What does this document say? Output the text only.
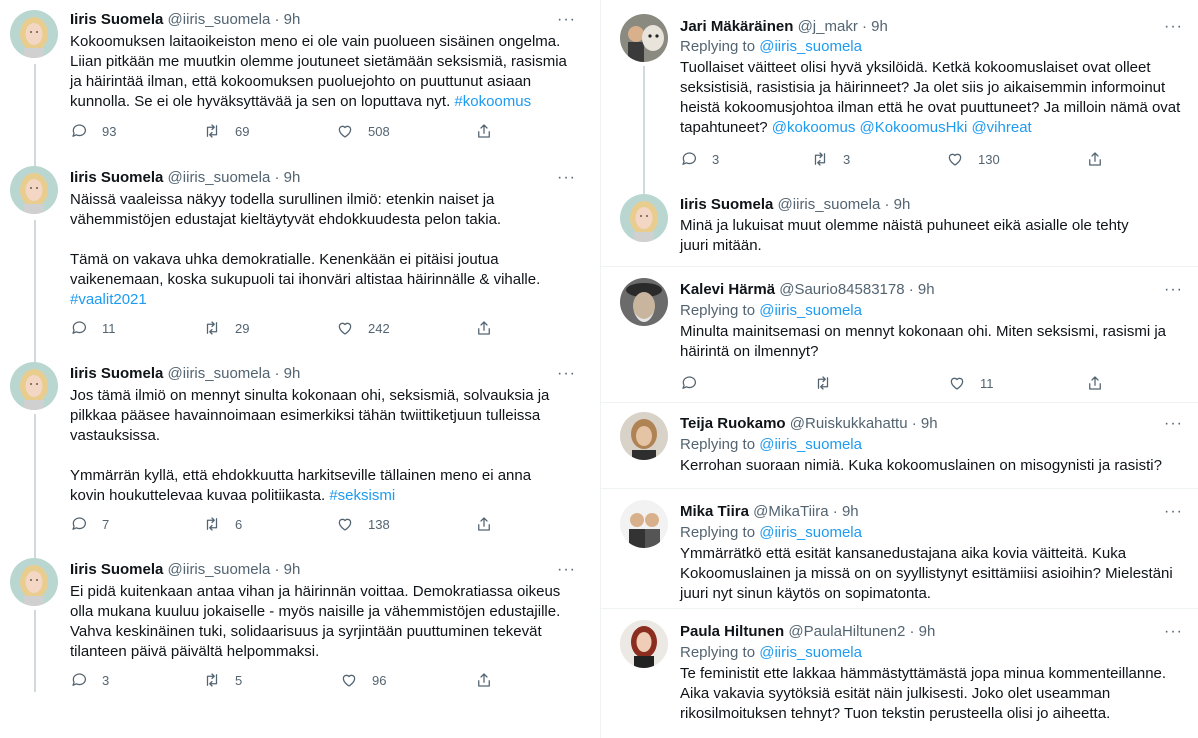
Iiris Suomela @iiris_suomela · 9h	···
Kokoomuksen laitaoikeiston meno ei ole vain puolueen sisäinen ongelma. Liian pitkään me muutkin olemme joutuneet sietämään seksismiä, rasismia ja häirintää ilman, että kokoomuksen puoluejohto on puuttunut asiaan kunnolla. Se ei ole hyväksyttävää ja sen on loputtava nyt. #kokoomus
93	69	508
Iiris Suomela @iiris_suomela · 9h	···
Näissä vaaleissa näkyy todella surullinen ilmiö: etenkin naiset ja vähemmistöjen edustajat kieltäytyvät ehdokkuudesta pelon takia.

Tämä on vakava uhka demokratialle. Kenenkään ei pitäisi joutua vaikenemaan, koska sukupuoli tai ihonväri altistaa häirinnälle & vihalle. #vaalit2021
11	29	242
Iiris Suomela @iiris_suomela · 9h	···
Jos tämä ilmiö on mennyt sinulta kokonaan ohi, seksismiä, solvauksia ja pilkkaa pääsee havainnoimaan esimerkiksi tähän twiittiketjuun tulleissa vastauksissa.

Ymmärrän kyllä, että ehdokkuutta harkitseville tällainen meno ei anna kovin houkuttelevaa kuvaa politiikasta. #seksismi
7	6	138
Iiris Suomela @iiris_suomela · 9h	···
Ei pidä kuitenkaan antaa vihan ja häirinnän voittaa. Demokratiassa oikeus olla mukana kuuluu jokaiselle - myös naisille ja vähemmistöjen edustajille. Vahva keskinäinen tuki, solidaarisuus ja syrjintään puuttuminen tekevät tilanteen päivä päivältä helpommaksi.
3	5	96
Jari Mäkäräinen @j_makr · 9h	···
Replying to @iiris_suomela
Tuollaiset väitteet olisi hyvä yksilöidä. Ketkä kokoomuslaiset ovat olleet seksistisiä, rasistisia ja häirinneet? Ja olet siis jo aikaisemmin informoinut heistä kokoomusjohtoa ilman että he ovat puuttuneet? Ja milloin nämä ovat tapahtuneet? @kokoomus @KokoomusHki @vihreat
3	3	130
Iiris Suomela @iiris_suomela · 9h
Minä ja lukuisat muut olemme näistä puhuneet eikä asialle ole tehty juuri mitään.
Kalevi Härmä @Saurio84583178 · 9h	···
Replying to @iiris_suomela
Minulta mainitsemasi on mennyt kokonaan ohi. Miten seksismi, rasismi ja häirintä on ilmennyt?
11
Teija Ruokamo @Ruiskukkahattu · 9h	···
Replying to @iiris_suomela
Kerrohan suoraan nimiä. Kuka kokoomuslainen on misogynisti ja rasisti?
Mika Tiira @MikaTiira · 9h	···
Replying to @iiris_suomela
Ymmärrätkö että esität kansanedustajana aika kovia väitteitä. Kuka Kokoomuslainen ja missä on on syyllistynyt esittämiisi asioihin? Mielestäni juuri nyt sinun käytös on sopimatonta.
Paula Hiltunen @PaulaHiltunen2 · 9h	···
Replying to @iiris_suomela
Te feministit ette lakkaa hämmästyttämästä jopa minua kommenteillanne. Aika vakavia syytöksiä esität näin julkisesti. Joko olet useamman rikosilmoituksen tehnyt? Tuon tekstin perusteella olisi jo aiheetta.
